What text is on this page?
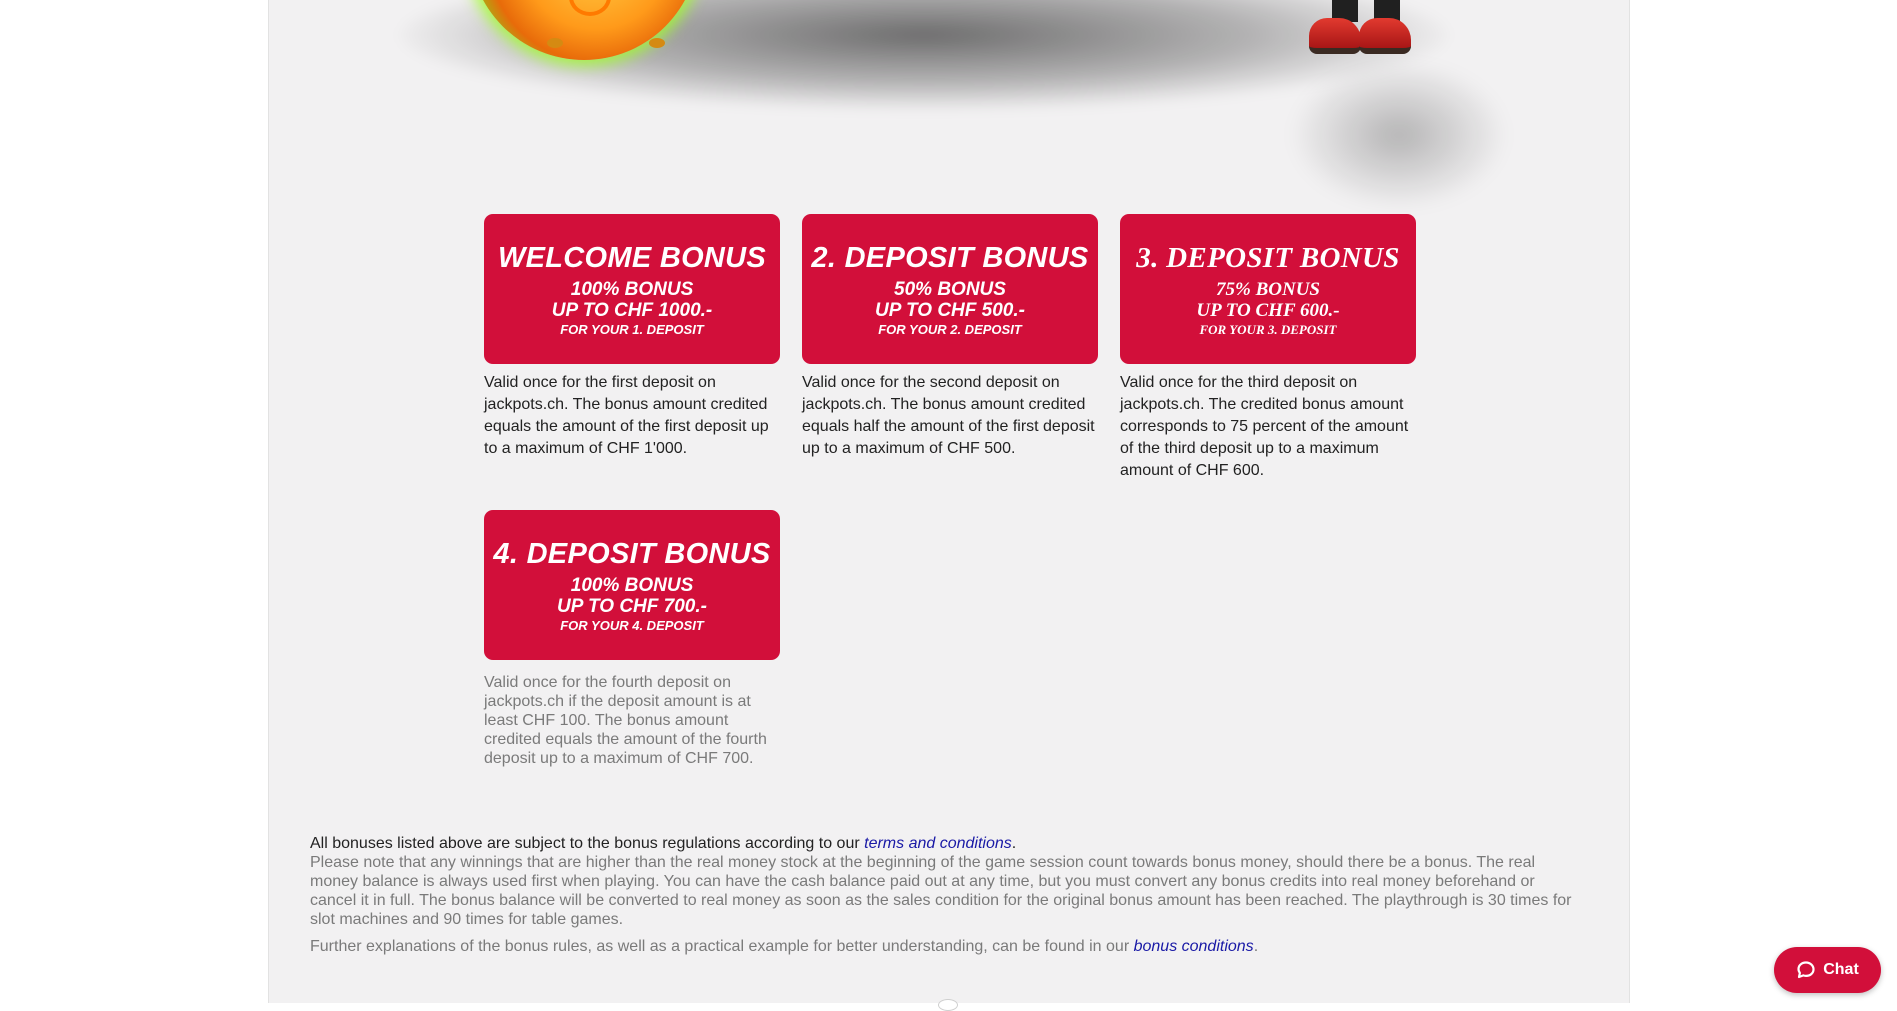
WELCOME BONUS
100% BONUS
UP TO CHF 1000.-
FOR YOUR 1. DEPOSIT
Valid once for the first deposit on jackpots.ch. The bonus amount credited equals the amount of the first deposit up to a maximum of CHF 1'000.
2. DEPOSIT BONUS
50% BONUS
UP TO CHF 500.-
FOR YOUR 2. DEPOSIT
Valid once for the second deposit on jackpots.ch. The bonus amount credited equals half the amount of the first deposit up to a maximum of CHF 500.
3. DEPOSIT BONUS
75% BONUS
UP TO CHF 600.-
FOR YOUR 3. DEPOSIT
Valid once for the third deposit on jackpots.ch. The credited bonus amount corresponds to 75 percent of the amount of the third deposit up to a maximum amount of CHF 600.
4. DEPOSIT BONUS
100% BONUS
UP TO CHF 700.-
FOR YOUR 4. DEPOSIT
Valid once for the fourth deposit on jackpots.ch if the deposit amount is at least CHF 100. The bonus amount credited equals the amount of the fourth deposit up to a maximum of CHF 700.
All bonuses listed above are subject to the bonus regulations according to our terms and conditions.
Please note that any winnings that are higher than the real money stock at the beginning of the game session count towards bonus money, should there be a bonus. The real money balance is always used first when playing. You can have the cash balance paid out at any time, but you must convert any bonus credits into real money beforehand or cancel it in full. The bonus balance will be converted to real money as soon as the sales condition for the original bonus amount has been reached. The playthrough is 30 times for slot machines and 90 times for table games.
Further explanations of the bonus rules, as well as a practical example for better understanding, can be found in our bonus conditions.
Chat
